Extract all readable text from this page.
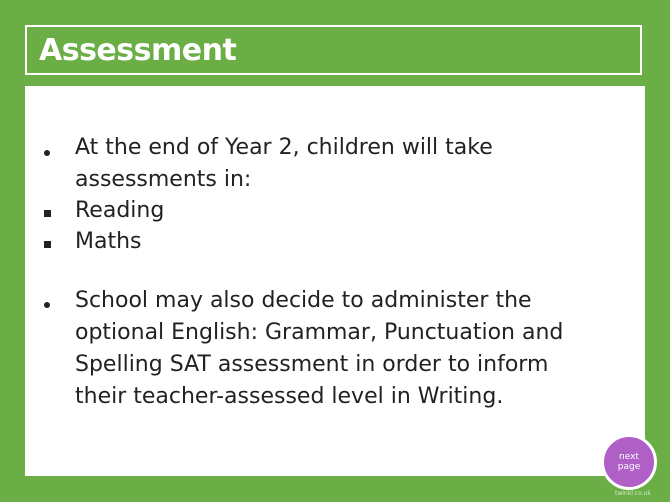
Assessment
At the end of Year 2, children will take
assessments in:
Reading
Maths
School may also decide to administer the
optional English: Grammar, Punctuation and
Spelling SAT assessment in order to inform
their teacher-assessed level in Writing.
next
page
twinkl.co.uk
